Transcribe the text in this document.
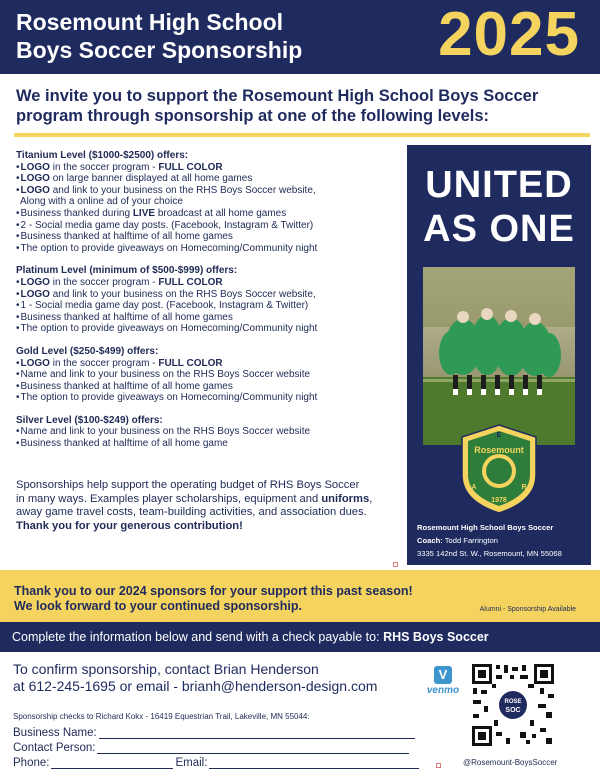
Rosemount High School
Boys Soccer Sponsorship 2025
We invite you to support the Rosemount High School Boys Soccer
program through sponsorship at one of the following levels:
Titanium Level ($1000-$2500) offers:
• LOGO in the soccer program - FULL COLOR
• LOGO on large banner displayed at all home games
• LOGO and link to your business on the RHS Boys Soccer website,
Along with a online ad of your choice
• Business thanked during LIVE broadcast at all home games
• 2 - Social media game day posts. (Facebook, Instagram & Twitter)
• Business thanked at halftime of all home games
• The option to provide giveaways on Homecoming/Community night
Platinum Level (minimum of $500-$999) offers:
• LOGO in the soccer program - FULL COLOR
• LOGO and link to your business on the RHS Boys Soccer website,
• 1 - Social media game day post. (Facebook, Instagram & Twitter)
• Business thanked at halftime of all home games
• The option to provide giveaways on Homecoming/Community night
Gold Level ($250-$499) offers:
• LOGO in the soccer program - FULL COLOR
• Name and link to your business on the RHS Boys Soccer website
• Business thanked at halftime of all home games
• The option to provide giveaways on Homecoming/Community night
Silver Level ($100-$249) offers:
• Name and link to your business on the RHS Boys Soccer website
• Business thanked at halftime of all home game
Sponsorships help support the operating budget of RHS Boys Soccer
in many ways. Examples player scholarships, equipment and uniforms,
away game travel costs, team-building activities, and association dues.
Thank you for your generous contribution!
UNITED
AS ONE
E
Rosemount
A	R
1978
Rosemount High School Boys Soccer
Coach: Todd Farrington
3335 142nd St. W., Rosemount, MN 55068
Thank you to our 2024 sponsors for your support this past season!
We look forward to your continued sponsorship.	Alumni - Sponsorship Available
Complete the information below and send with a check payable to: RHS Boys Soccer
To confirm sponsorship, contact Brian Henderson
at 612-245-1695 or email - brianh@henderson-design.com
Sponsorship checks to Richard Kokx - 16419 Equestrian Trail, Lakeville, MN 55044:
Business Name:
Contact Person:
Phone:	Email:
V
venmo
ROSE
SOC
@Rosemount-BoysSoccer
